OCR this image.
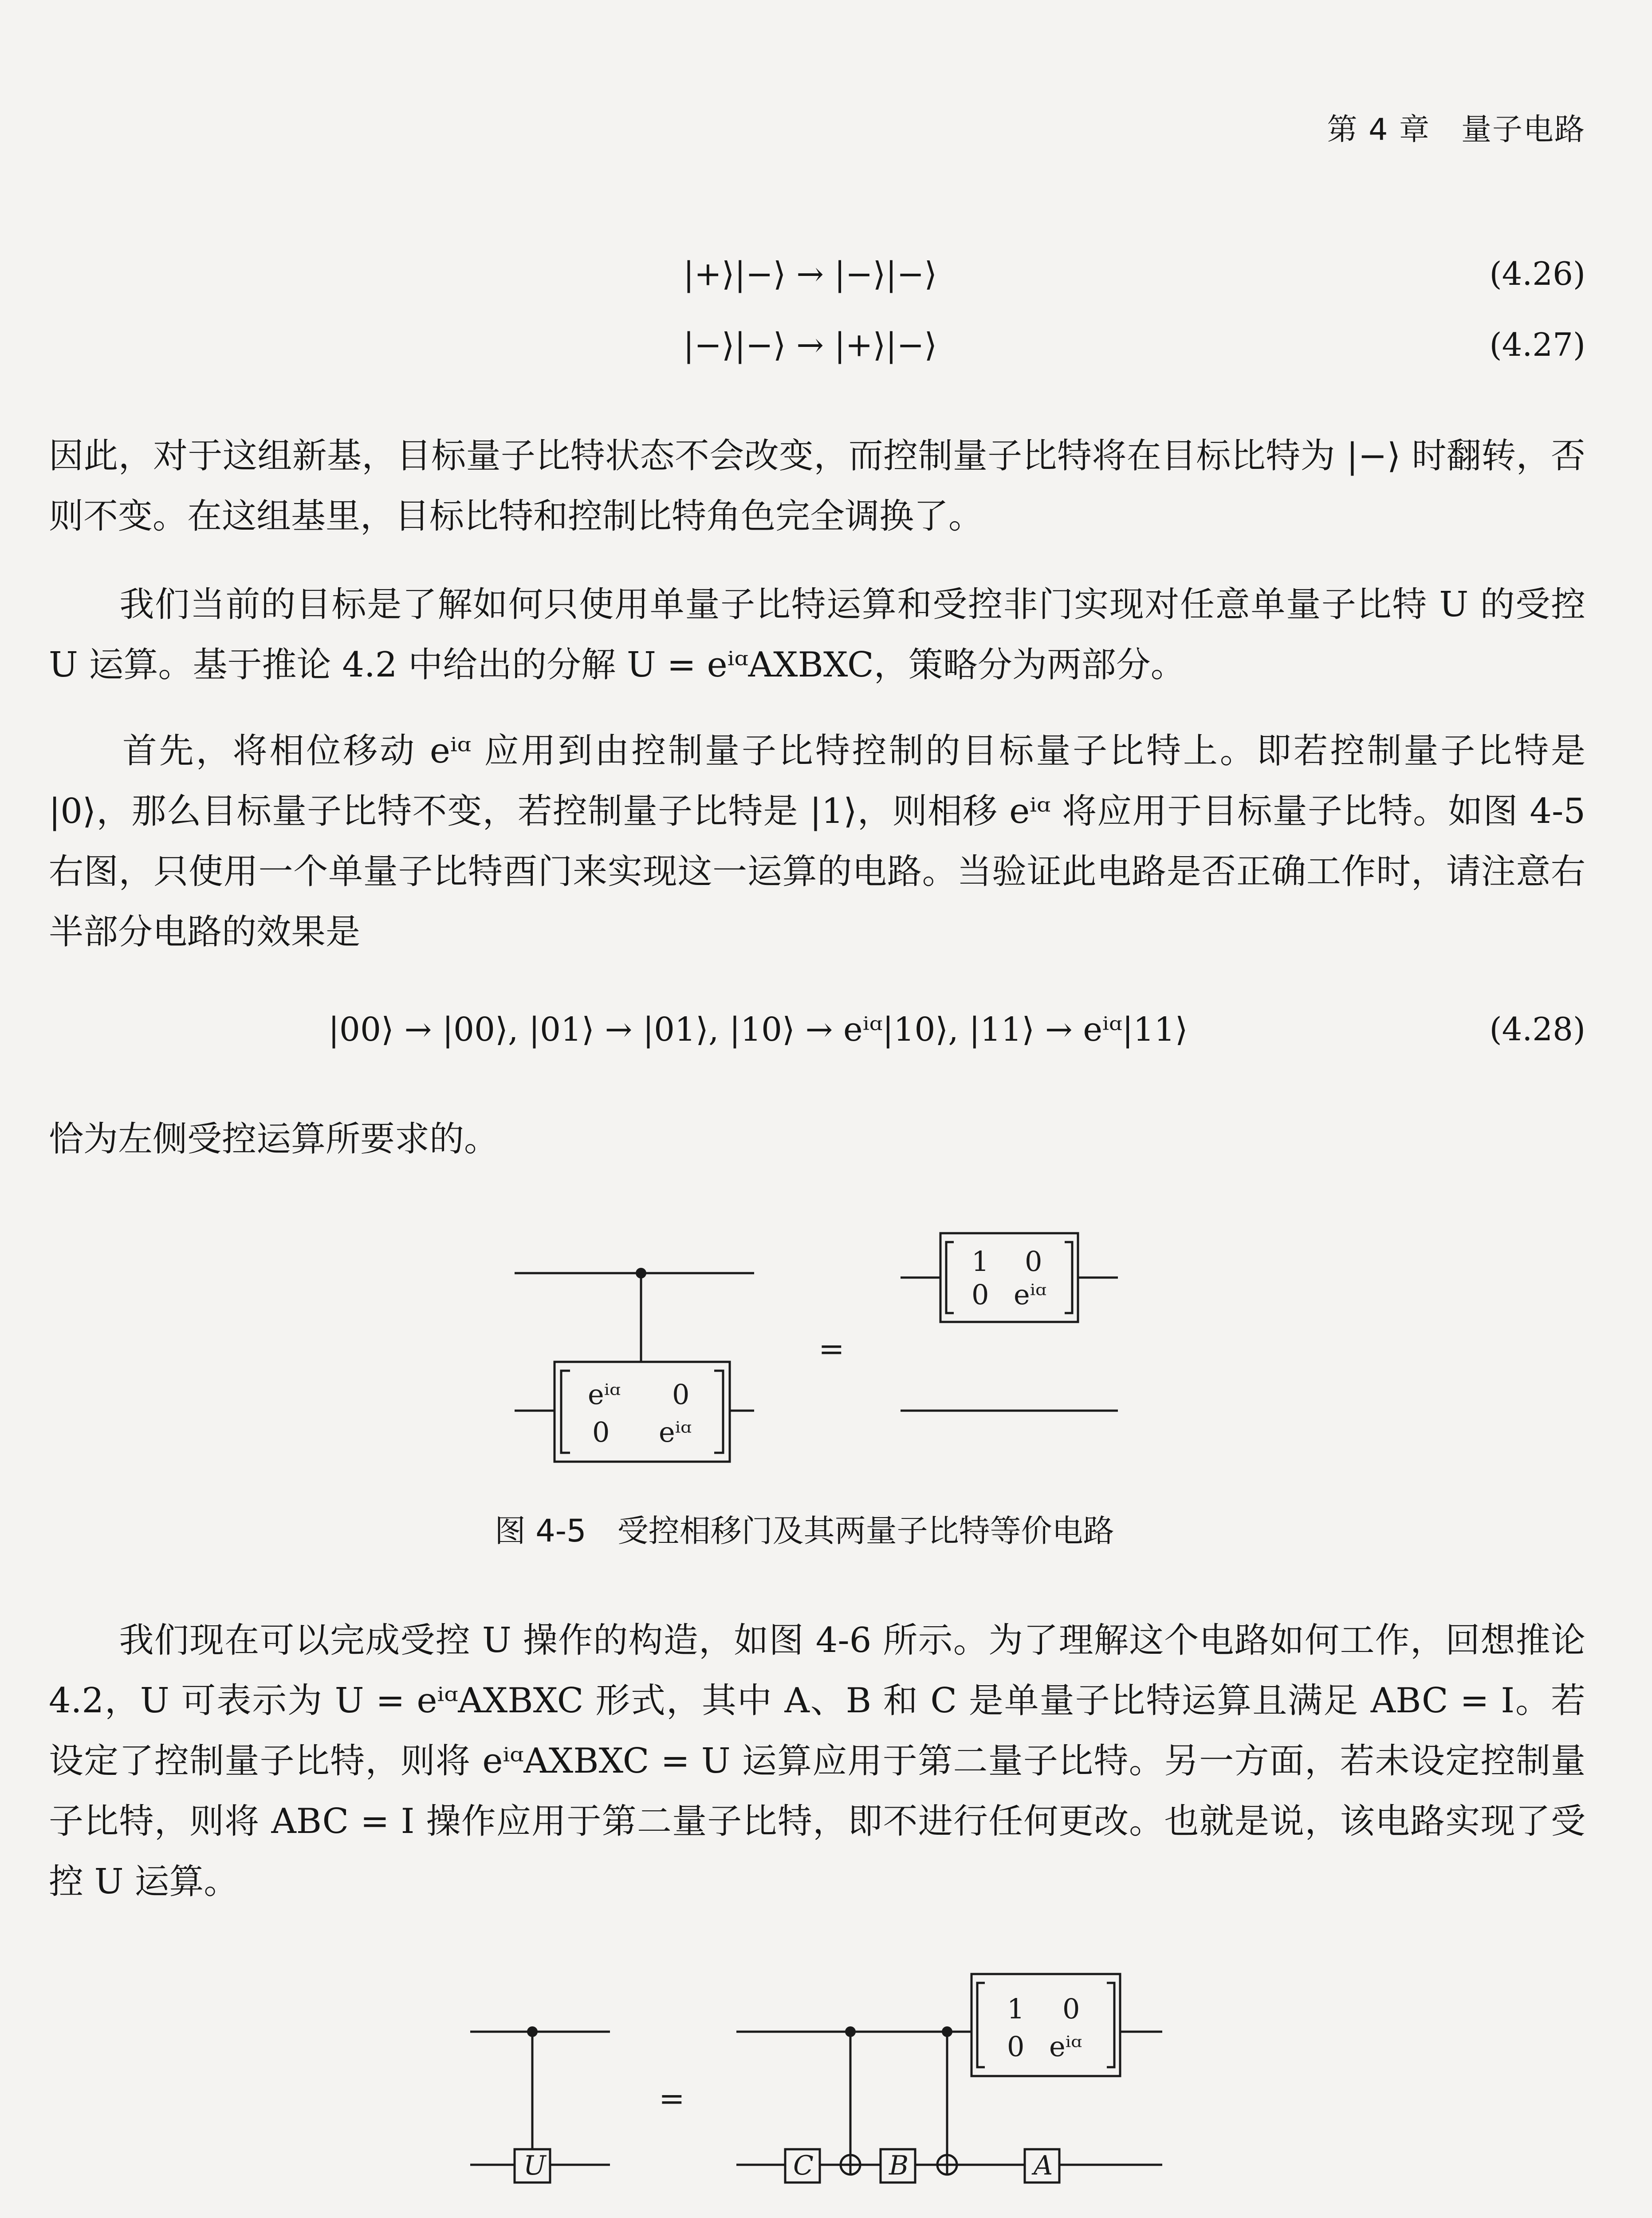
第 4 章　量子电路
|+⟩|−⟩ → |−⟩|−⟩	(4.26)
|−⟩|−⟩ → |+⟩|−⟩	(4.27)
因此，对于这组新基，目标量子比特状态不会改变，而控制量子比特将在目标比特为 |−⟩ 时翻转，否则不变。在这组基里，目标比特和控制比特角色完全调换了。
　　我们当前的目标是了解如何只使用单量子比特运算和受控非门实现对任意单量子比特 U 的受控 U 运算。基于推论 4.2 中给出的分解 U = eⁱᵅAXBXC，策略分为两部分。
　　首先，将相位移动 eⁱᵅ 应用到由控制量子比特控制的目标量子比特上。即若控制量子比特是 |0⟩，那么目标量子比特不变，若控制量子比特是 |1⟩，则相移 eⁱᵅ 将应用于目标量子比特。如图 4-5 右图，只使用一个单量子比特酉门来实现这一运算的电路。当验证此电路是否正确工作时，请注意右半部分电路的效果是
|00⟩ → |00⟩, |01⟩ → |01⟩, |10⟩ → eⁱᵅ|10⟩, |11⟩ → eⁱᵅ|11⟩	(4.28)
恰为左侧受控运算所要求的。
eⁱᵅ 0
0 eⁱᵅ
1 0
0 eⁱᵅ
=
图 4-5　受控相移门及其两量子比特等价电路
　　我们现在可以完成受控 U 操作的构造，如图 4-6 所示。为了理解这个电路如何工作，回想推论 4.2，U 可表示为 U = eⁱᵅAXBXC 形式，其中 A、B 和 C 是单量子比特运算且满足 ABC = I。若设定了控制量子比特，则将 eⁱᵅAXBXC = U 运算应用于第二量子比特。另一方面，若未设定控制量子比特，则将 ABC = I 操作应用于第二量子比特，即不进行任何更改。也就是说，该电路实现了受控 U 运算。
U	C	B	A
1 0
0 eⁱᵅ
=
